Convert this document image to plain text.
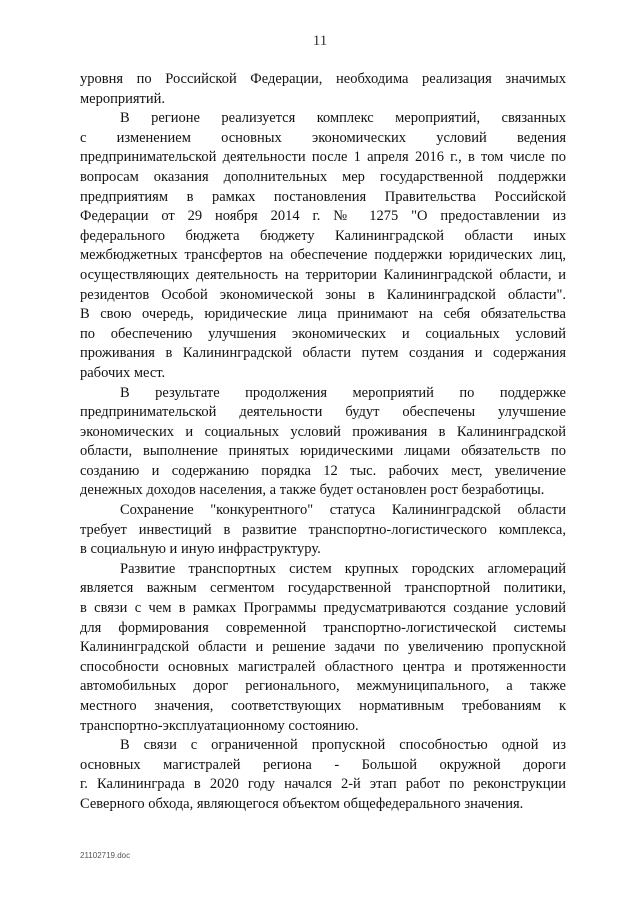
11
уровня по Российской Федерации, необходима реализация значимых
мероприятий.
В регионе реализуется комплекс мероприятий, связанных
с изменением основных экономических условий ведения
предпринимательской деятельности после 1 апреля 2016 г., в том числе по
вопросам оказания дополнительных мер государственной поддержки
предприятиям в рамках постановления Правительства Российской
Федерации от 29 ноября 2014 г. № 1275 "О предоставлении из
федерального бюджета бюджету Калининградской области иных
межбюджетных трансфертов на обеспечение поддержки юридических лиц,
осуществляющих деятельность на территории Калининградской области, и
резидентов Особой экономической зоны в Калининградской области".
В свою очередь, юридические лица принимают на себя обязательства
по обеспечению улучшения экономических и социальных условий
проживания в Калининградской области путем создания и содержания
рабочих мест.
В результате продолжения мероприятий по поддержке
предпринимательской деятельности будут обеспечены улучшение
экономических и социальных условий проживания в Калининградской
области, выполнение принятых юридическими лицами обязательств по
созданию и содержанию порядка 12 тыс. рабочих мест, увеличение
денежных доходов населения, а также будет остановлен рост безработицы.
Сохранение "конкурентного" статуса Калининградской области
требует инвестиций в развитие транспортно-логистического комплекса,
в социальную и иную инфраструктуру.
Развитие транспортных систем крупных городских агломераций
является важным сегментом государственной транспортной политики,
в связи с чем в рамках Программы предусматриваются создание условий
для формирования современной транспортно-логистической системы
Калининградской области и решение задачи по увеличению пропускной
способности основных магистралей областного центра и протяженности
автомобильных дорог регионального, межмуниципального, а также
местного значения, соответствующих нормативным требованиям к
транспортно-эксплуатационному состоянию.
В связи с ограниченной пропускной способностью одной из
основных магистралей региона - Большой окружной дороги
г. Калининграда в 2020 году начался 2-й этап работ по реконструкции
Северного обхода, являющегося объектом общефедерального значения.
21102719.doc
